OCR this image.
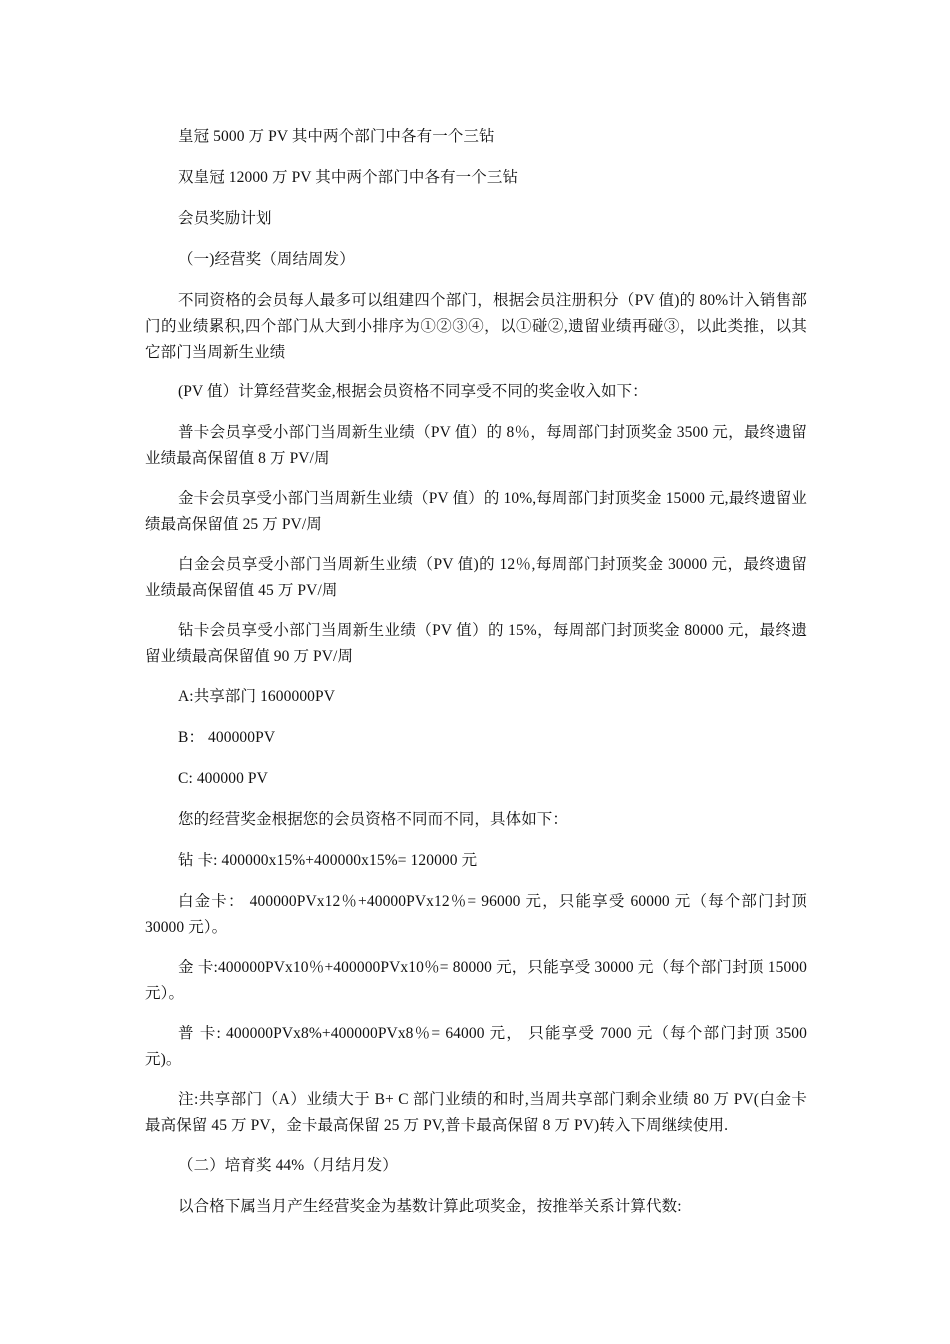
皇冠 5000 万 PV 其中两个部门中各有一个三钻

双皇冠 12000 万 PV 其中两个部门中各有一个三钻

会员奖励计划

（一)经营奖（周结周发）

不同资格的会员每人最多可以组建四个部门，根据会员注册积分（PV 值)的 80%计入销售部门的业绩累积,四个部门从大到小排序为①②③④，以①碰②,遗留业绩再碰③，以此类推，以其它部门当周新生业绩

(PV 值）计算经营奖金,根据会员资格不同享受不同的奖金收入如下：

普卡会员享受小部门当周新生业绩（PV 值）的 8％，每周部门封顶奖金 3500 元，最终遗留业绩最高保留值 8 万 PV/周

金卡会员享受小部门当周新生业绩（PV 值）的 10%,每周部门封顶奖金 15000 元,最终遗留业绩最高保留值 25 万 PV/周

白金会员享受小部门当周新生业绩（PV 值)的 12％,每周部门封顶奖金 30000 元，最终遗留业绩最高保留值 45 万 PV/周

钻卡会员享受小部门当周新生业绩（PV 值）的 15%，每周部门封顶奖金 80000 元，最终遗留业绩最高保留值 90 万 PV/周

A:共享部门 1600000PV

B： 400000PV

C: 400000 PV

您的经营奖金根据您的会员资格不同而不同，具体如下：

钻 卡: 400000x15%+400000x15%= 120000 元

白金卡： 400000PVx12％+40000PVx12％= 96000 元，只能享受 60000 元（每个部门封顶 30000 元）。

金 卡:400000PVx10％+400000PVx10％= 80000 元，只能享受 30000 元（每个部门封顶 15000 元）。

普 卡: 400000PVx8%+400000PVx8％= 64000 元， 只能享受 7000 元（每个部门封顶 3500 元)。

注:共享部门（A）业绩大于 B+ C 部门业绩的和时,当周共享部门剩余业绩 80 万 PV(白金卡最高保留 45 万 PV，金卡最高保留 25 万 PV,普卡最高保留 8 万 PV)转入下周继续使用.

（二）培育奖 44%（月结月发）

以合格下属当月产生经营奖金为基数计算此项奖金，按推举关系计算代数:
